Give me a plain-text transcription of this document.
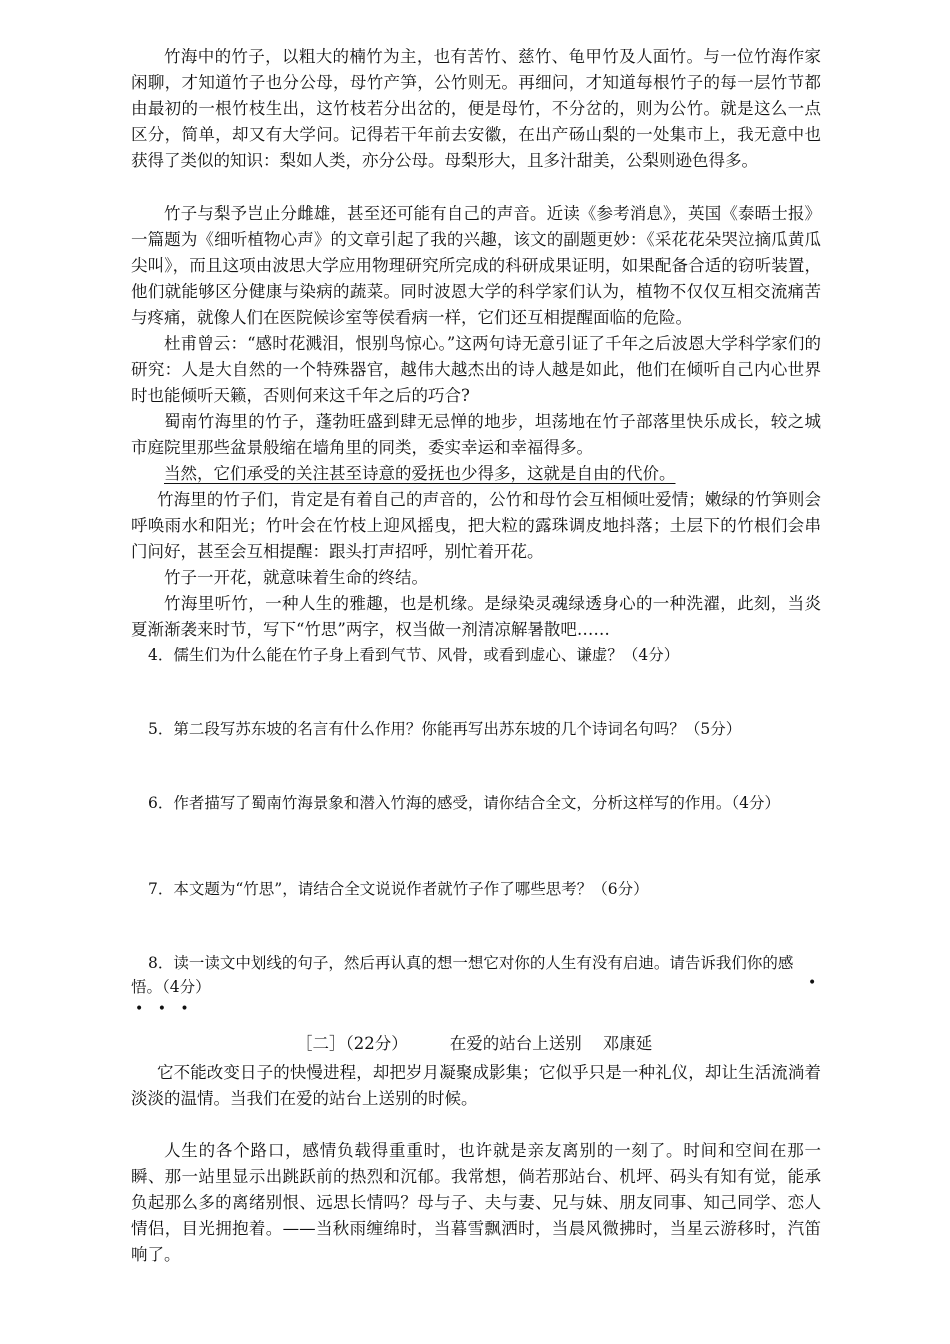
竹海中的竹子，以粗大的楠竹为主，也有苦竹、慈竹、龟甲竹及人面竹。与一位竹海作家闲聊，才知道竹子也分公母，母竹产笋，公竹则无。再细问，才知道每根竹子的每一层竹节都由最初的一根竹枝生出，这竹枝若分出岔的，便是母竹，不分岔的，则为公竹。就是这么一点区分，简单，却又有大学问。记得若干年前去安徽，在出产砀山梨的一处集市上，我无意中也获得了类似的知识：梨如人类，亦分公母。母梨形大，且多汁甜美，公梨则逊色得多。

竹子与梨予岂止分雌雄，甚至还可能有自己的声音。近读《参考消息》，英国《泰晤士报》一篇题为《细听植物心声》的文章引起了我的兴趣，该文的副题更妙：《采花花朵哭泣摘瓜黄瓜尖叫》，而且这项由波思大学应用物理研究所完成的科研成果证明，如果配备合适的窃听装置，他们就能够区分健康与染病的蔬菜。同时波恩大学的科学家们认为，植物不仅仅互相交流痛苦与疼痛，就像人们在医院候诊室等侯看病一样，它们还互相提醒面临的危险。

杜甫曾云：“感时花溅泪，恨别鸟惊心。”这两句诗无意引证了千年之后波恩大学科学家们的研究：人是大自然的一个特殊器官，越伟大越杰出的诗人越是如此，他们在倾听自己内心世界时也能倾听天籁，否则何来这千年之后的巧合?

蜀南竹海里的竹子，蓬勃旺盛到肆无忌惮的地步，坦荡地在竹子部落里快乐成长，较之城市庭院里那些盆景般缩在墙角里的同类，委实幸运和幸福得多。

当然，它们承受的关注甚至诗意的爱抚也少得多，这就是自由的代价。

竹海里的竹子们，肯定是有着自己的声音的，公竹和母竹会互相倾吐爱情；嫩绿的竹笋则会呼唤雨水和阳光；竹叶会在竹枝上迎风摇曳，把大粒的露珠调皮地抖落；土层下的竹根们会串门问好，甚至会互相提醒：跟头打声招呼，别忙着开花。

竹子一开花，就意味着生命的终结。

竹海里听竹，一种人生的雅趣，也是机缘。是绿染灵魂绿透身心的一种洗濯，此刻，当炎夏渐渐袭来时节，写下“竹思”两字，权当做一剂清凉解暑散吧……

4．儒生们为什么能在竹子身上看到气节、风骨，或看到虚心、谦虚？（4分）

5．第二段写苏东坡的名言有什么作用？你能再写出苏东坡的几个诗词名句吗？（5分）

6．作者描写了蜀南竹海景象和潜入竹海的感受，请你结合全文，分析这样写的作用。（4分）

7．本文题为“竹思”，请结合全文说说作者就竹子作了哪些思考？（6分）

8．读一读文中划线的句子，然后再认真的想一想它对你的人生有没有启迪。请告诉我们你的感悟。（4分）

• • •
•
［二］（22分）	在爱的站台上送别 邓康延

它不能改变日子的快慢进程，却把岁月凝聚成影集；它似乎只是一种礼仪，却让生活流淌着淡淡的温情。当我们在爱的站台上送别的时候。

人生的各个路口，感情负载得重重时，也许就是亲友离别的一刻了。时间和空间在那一瞬、那一站里显示出跳跃前的热烈和沉郁。我常想，倘若那站台、机坪、码头有知有觉，能承负起那么多的离绪别恨、远思长情吗？母与子、夫与妻、兄与妹、朋友同事、知己同学、恋人情侣，目光拥抱着。——当秋雨缠绵时，当暮雪飘洒时，当晨风微拂时，当星云游移时，汽笛响了。
